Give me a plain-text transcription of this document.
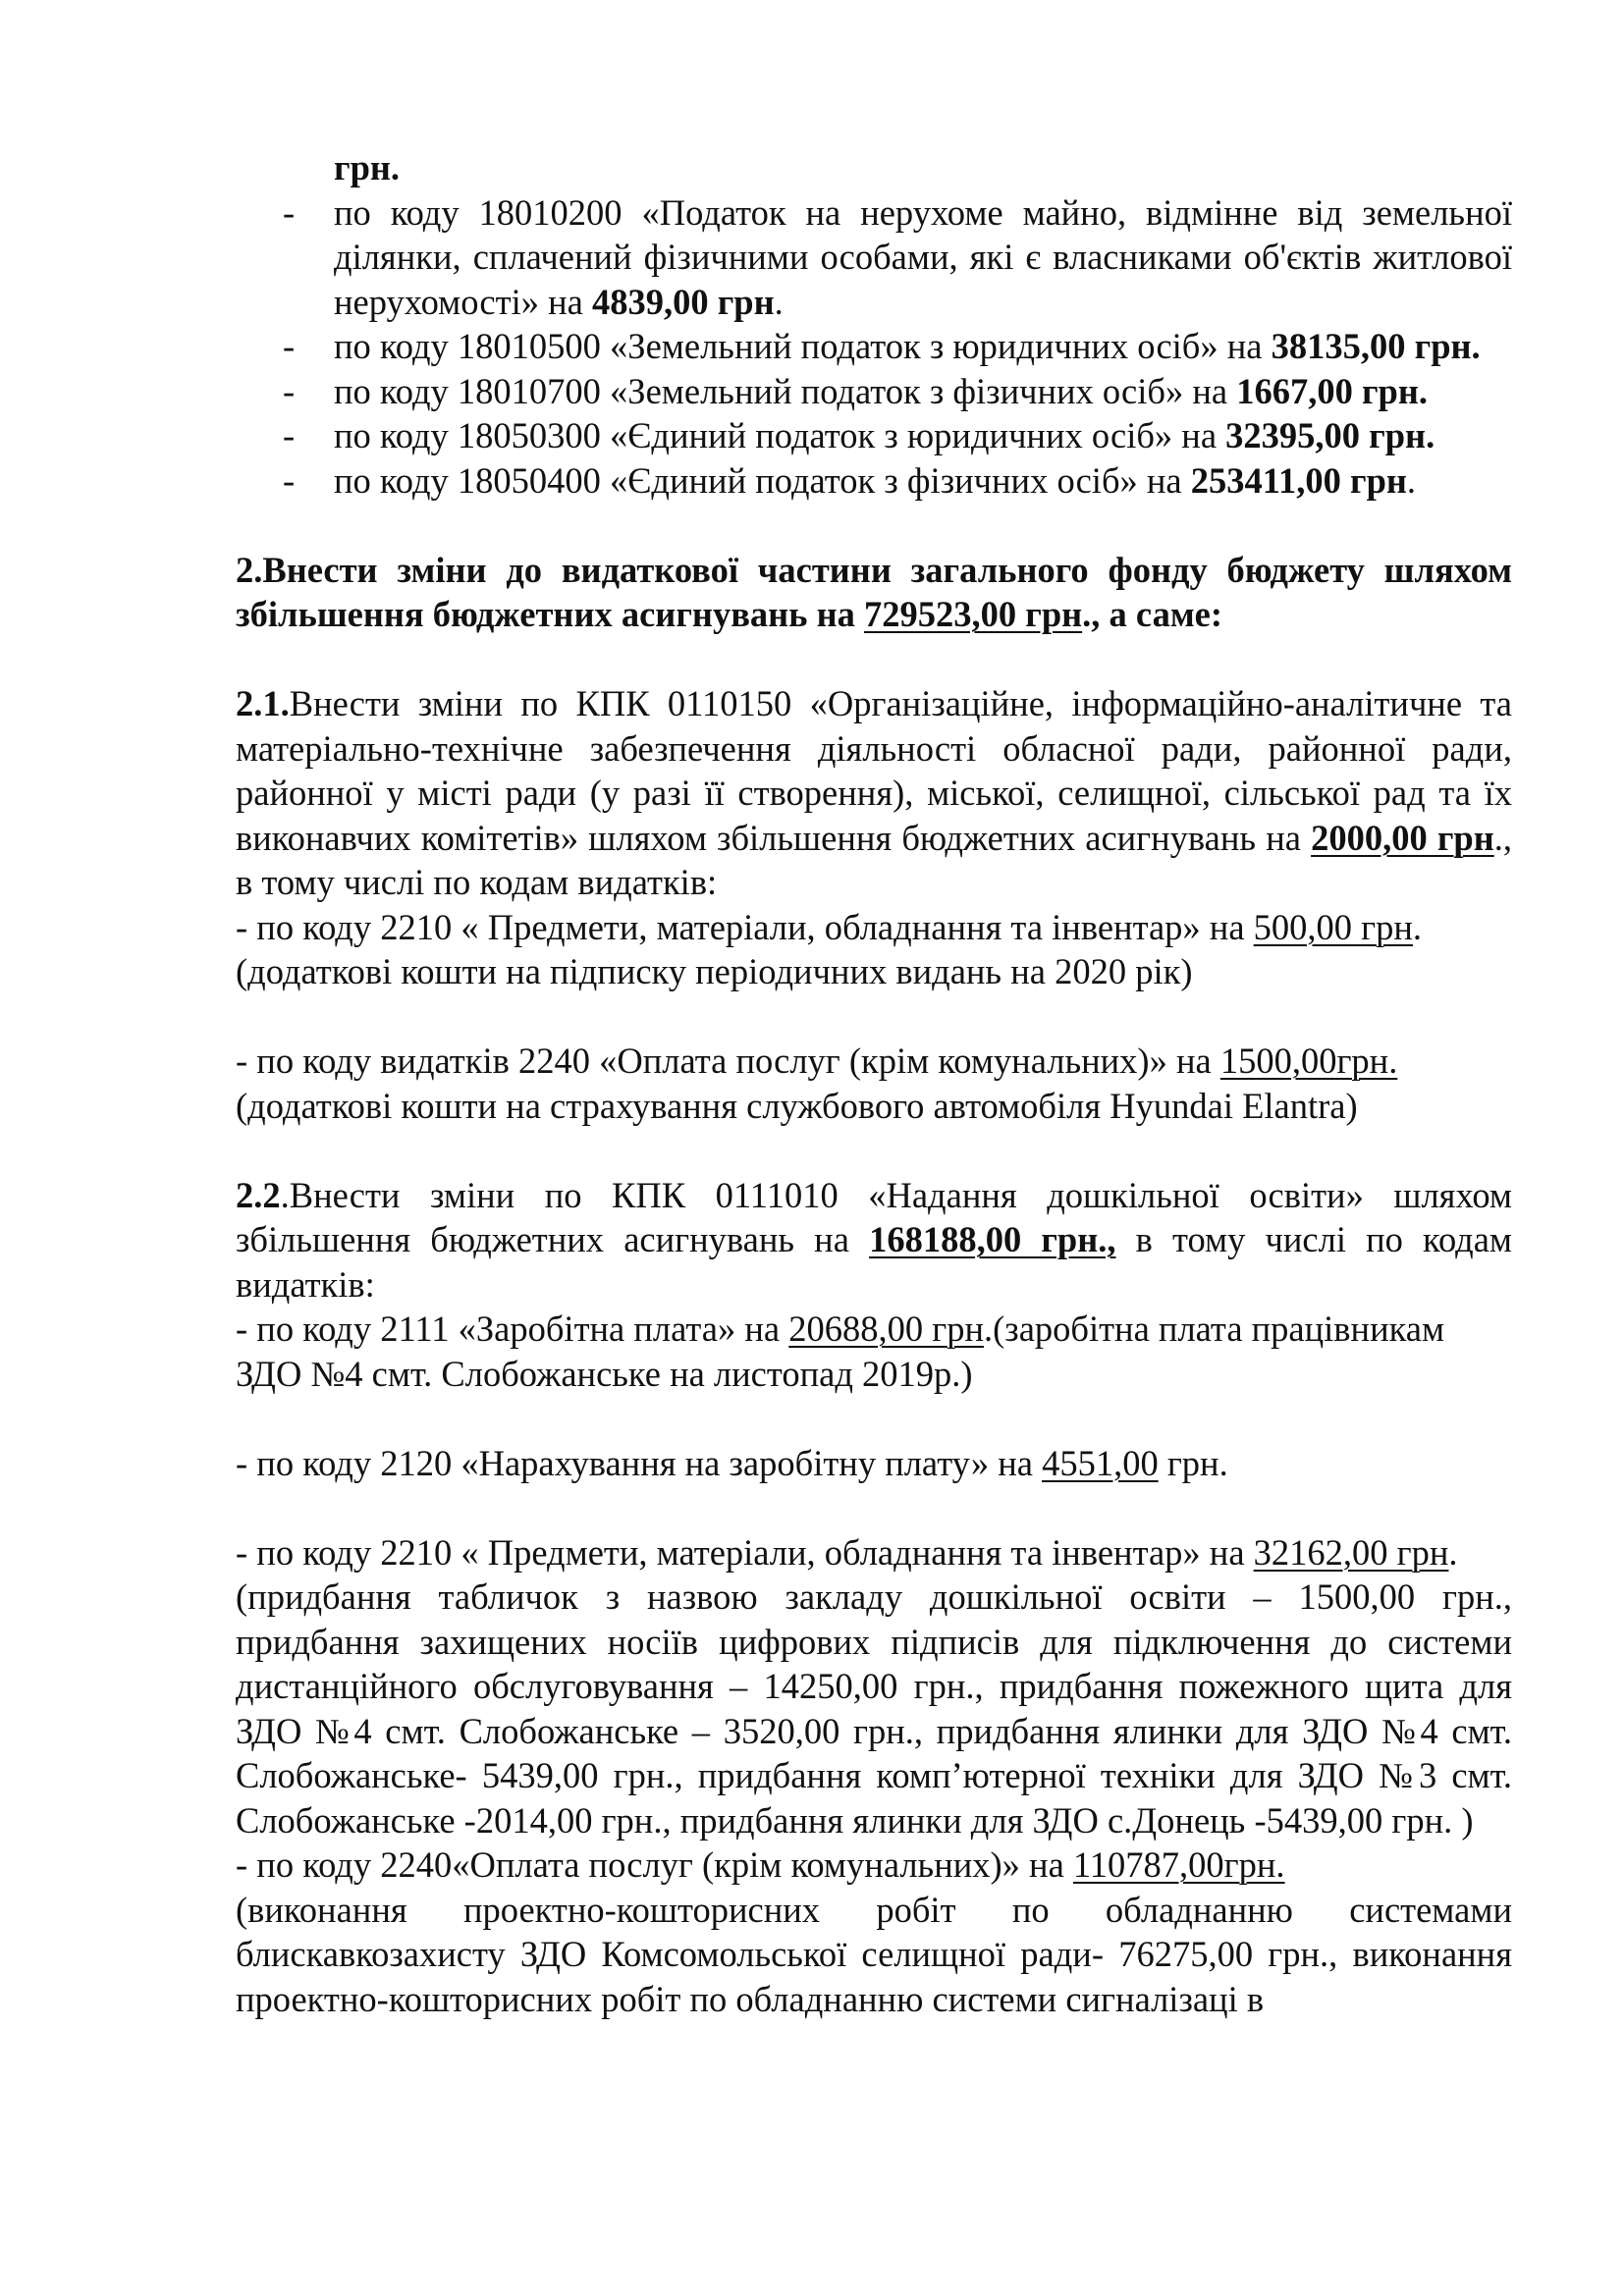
грн.

- по коду 18010200 «Податок на нерухоме майно, відмінне від земельної ділянки, сплачений фізичними особами, які є власниками об'єктів житлової нерухомості» на 4839,00 грн.
- по коду 18010500 «Земельний податок з юридичних осіб» на 38135,00 грн.
- по коду 18010700 «Земельний податок з фізичних осіб» на 1667,00 грн.
- по коду 18050300 «Єдиний податок з юридичних осіб» на 32395,00 грн.
- по коду 18050400 «Єдиний податок з фізичних осіб» на 253411,00 грн.

2.Внести зміни до видаткової частини загального фонду бюджету шляхом збільшення бюджетних асигнувань на 729523,00 грн., а саме:

2.1.Внести зміни по КПК 0110150 «Організаційне, інформаційно-аналітичне та матеріально-технічне забезпечення діяльності обласної ради, районної ради, районної у місті ради (у разі її створення), міської, селищної, сільської рад та їх виконавчих комітетів» шляхом збільшення бюджетних асигнувань на 2000,00 грн., в тому числі по кодам видатків:

- по коду 2210 « Предмети, матеріали, обладнання та інвентар» на 500,00 грн.

(додаткові кошти на підписку періодичних видань на 2020 рік)

- по коду видатків 2240 «Оплата послуг (крім комунальних)» на 1500,00грн.

(додаткові кошти на страхування службового автомобіля Hyundai Elantra)

2.2.Внести зміни по КПК 0111010 «Надання дошкільної освіти» шляхом збільшення бюджетних асигнувань на 168188,00 грн., в тому числі по кодам видатків:

- по коду 2111 «Заробітна плата» на 20688,00 грн.(заробітна плата працівникам ЗДО №4 смт. Слобожанське на листопад 2019р.)

- по коду 2120 «Нарахування на заробітну плату» на 4551,00 грн.

- по коду 2210 « Предмети, матеріали, обладнання та інвентар» на 32162,00 грн.

(придбання табличок з назвою закладу дошкільної освіти – 1500,00 грн., придбання захищених носіїв цифрових підписів для підключення до системи дистанційного обслуговування – 14250,00 грн., придбання пожежного щита для ЗДО №4 смт. Слобожанське – 3520,00 грн., придбання ялинки для ЗДО №4 смт. Слобожанське- 5439,00 грн., придбання комп’ютерної техніки для ЗДО №3 смт. Слобожанське -2014,00 грн., придбання ялинки для ЗДО с.Донець -5439,00 грн. )

- по коду 2240«Оплата послуг (крім комунальних)» на 110787,00грн.

(виконання проектно-кошторисних робіт по обладнанню системами блискавкозахисту ЗДО Комсомольської селищної ради- 76275,00 грн., виконання проектно-кошторисних робіт по обладнанню системи сигналізаці в
